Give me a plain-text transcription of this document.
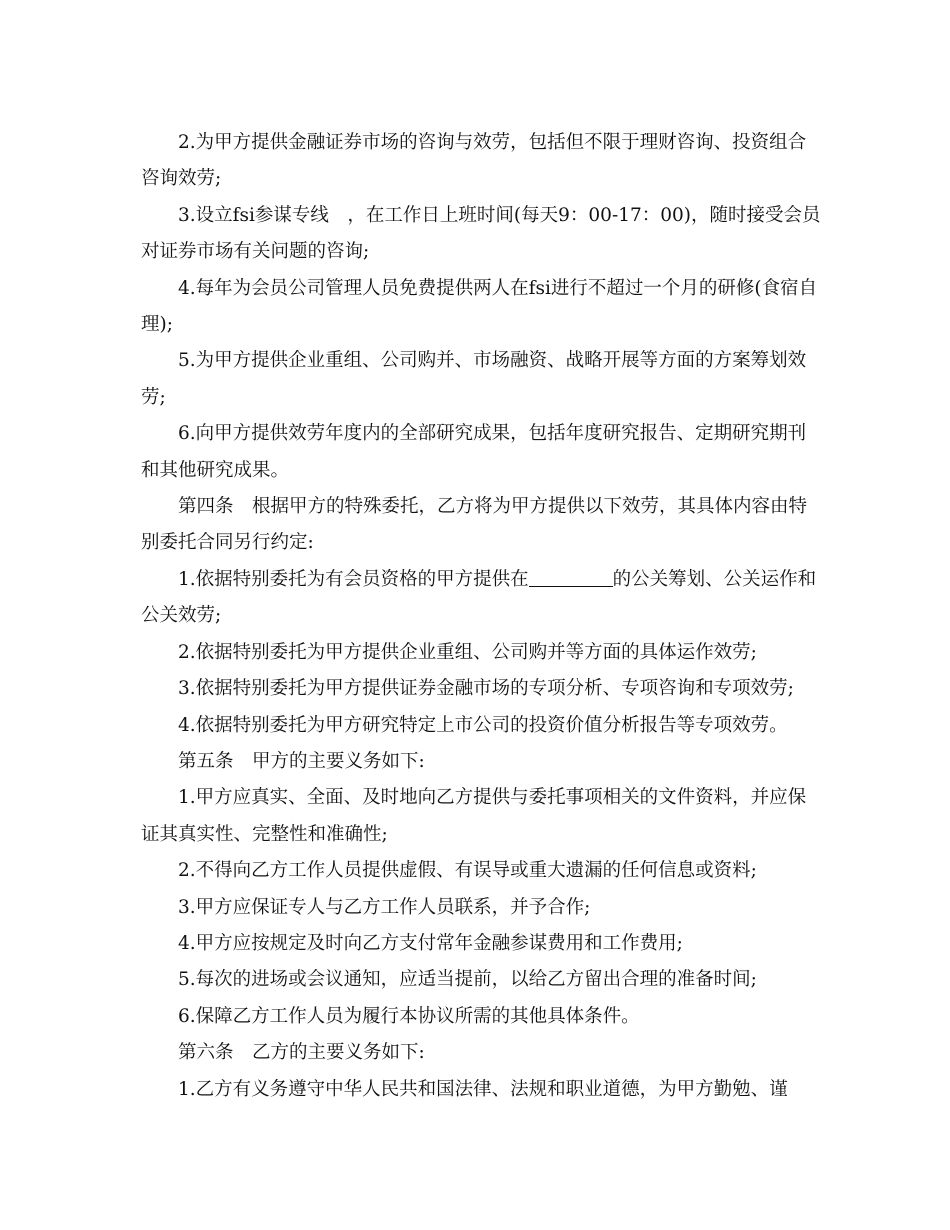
2.为甲方提供金融证券市场的咨询与效劳，包括但不限于理财咨询、投资组合咨询效劳;

3.设立fsi参谋专线　，在工作日上班时间(每天9：00-17：00)，随时接受会员对证券市场有关问题的咨询;

4.每年为会员公司管理人员免费提供两人在fsi进行不超过一个月的研修(食宿自理);

5.为甲方提供企业重组、公司购并、市场融资、战略开展等方面的方案筹划效劳;

6.向甲方提供效劳年度内的全部研究成果，包括年度研究报告、定期研究期刊和其他研究成果。

第四条　根据甲方的特殊委托，乙方将为甲方提供以下效劳，其具体内容由特别委托合同另行约定:

1.依据特别委托为有会员资格的甲方提供在	的公关筹划、公关运作和公关效劳;

2.依据特别委托为甲方提供企业重组、公司购并等方面的具体运作效劳;

3.依据特别委托为甲方提供证券金融市场的专项分析、专项咨询和专项效劳;

4.依据特别委托为甲方研究特定上市公司的投资价值分析报告等专项效劳。

第五条　甲方的主要义务如下:

1.甲方应真实、全面、及时地向乙方提供与委托事项相关的文件资料，并应保证其真实性、完整性和准确性;

2.不得向乙方工作人员提供虚假、有误导或重大遗漏的任何信息或资料;

3.甲方应保证专人与乙方工作人员联系，并予合作;

4.甲方应按规定及时向乙方支付常年金融参谋费用和工作费用;

5.每次的进场或会议通知，应适当提前，以给乙方留出合理的准备时间;

6.保障乙方工作人员为履行本协议所需的其他具体条件。

第六条　乙方的主要义务如下:

1.乙方有义务遵守中华人民共和国法律、法规和职业道德，为甲方勤勉、谨
